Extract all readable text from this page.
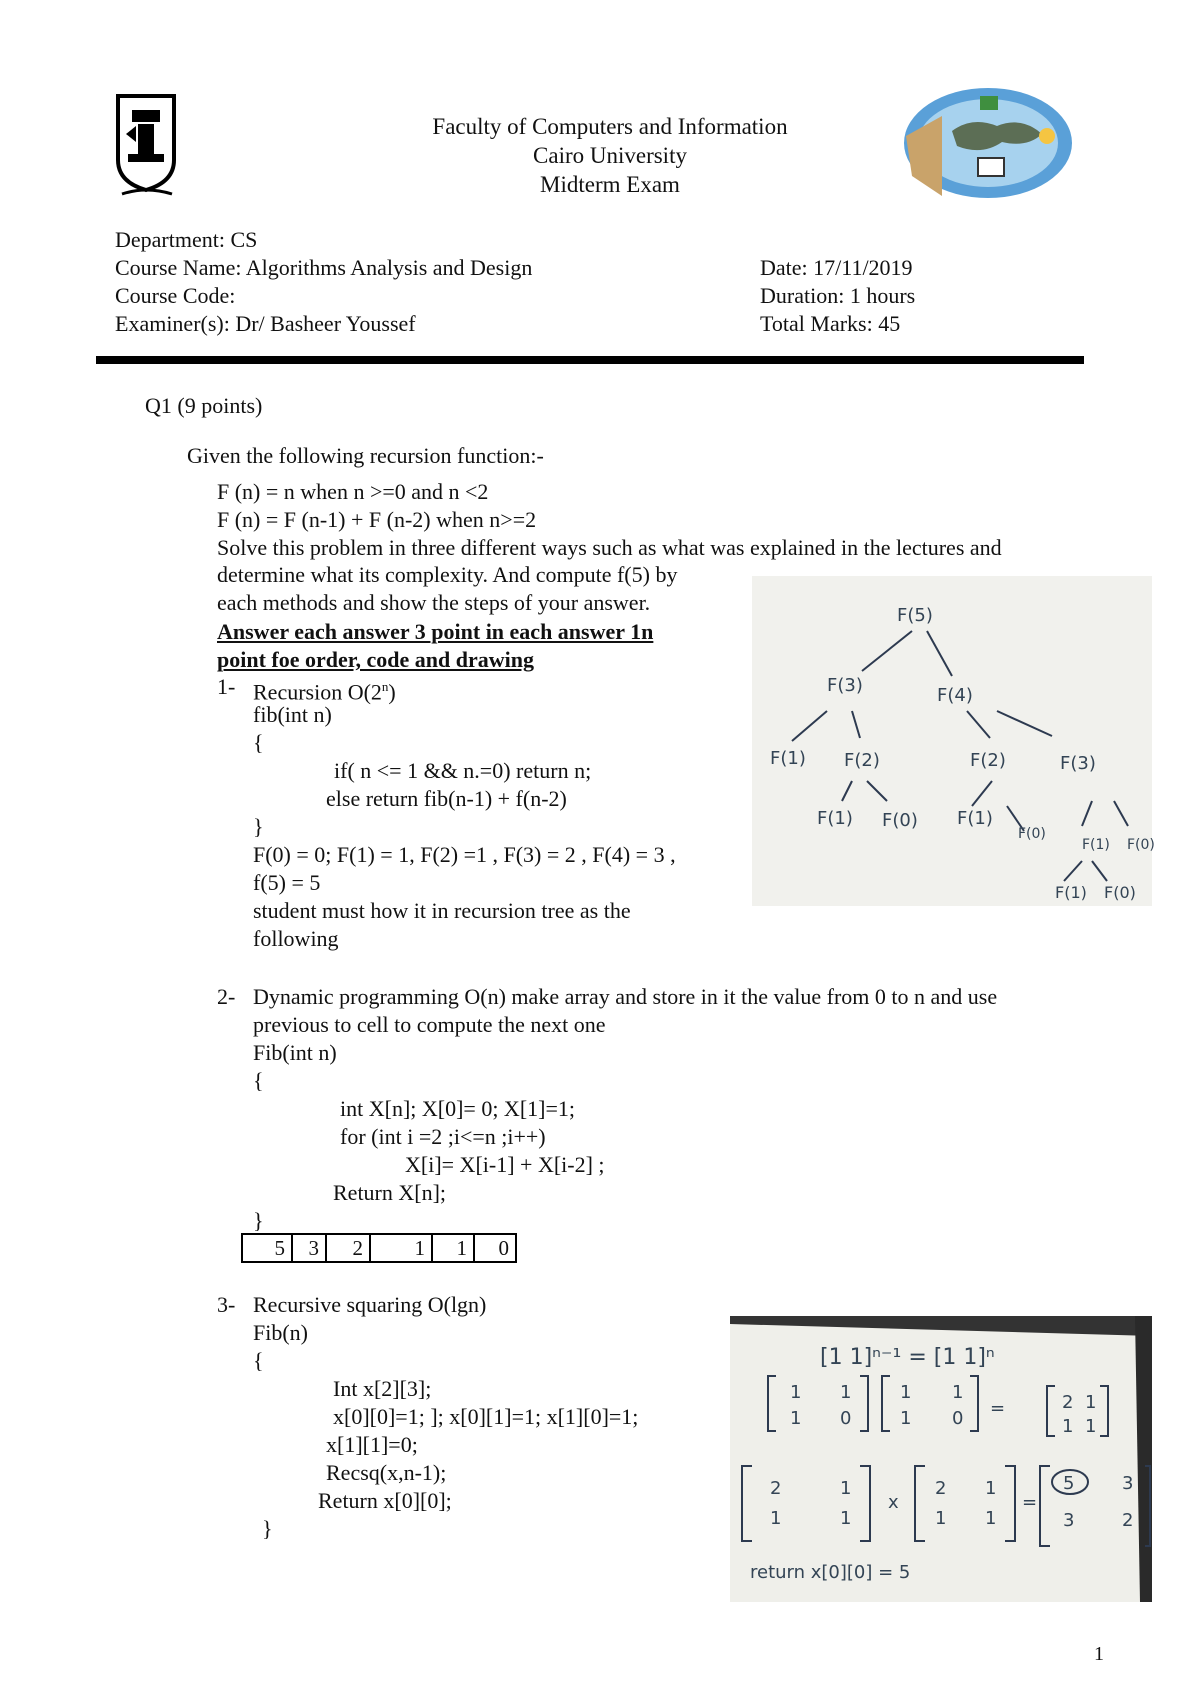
Faculty of Computers and Information
Cairo University
Midterm Exam
Department: CS
Course Name: Algorithms Analysis and Design
Course Code:
Examiner(s): Dr/ Basheer Youssef
Date: 17/11/2019
Duration: 1 hours
Total Marks: 45
Q1 (9 points)
Given the following recursion function:-
F (n) = n when n >=0 and n <2
F (n) = F (n-1) + F (n-2) when n>=2
Solve this problem in three different ways such as what was explained in the lectures and
determine what its complexity. And compute f(5) by
each methods and show the steps of your answer.
Answer each answer 3 point in each answer 1n
point foe order, code and drawing
1- Recursion O(2$^n$)
fib(int n)
{
if( n <= 1 && n.=0) return n;
else return fib(n-1) + f(n-2)
}
F(0) = 0; F(1) = 1, F(2) =1 , F(3) = 2 , F(4) = 3 ,
f(5) = 5
student must how it in recursion tree as the
following
F(5)
F(3)	F(4)
F(1) F(2)	F(2)	F(3)
F(1) F(0) F(1)
F(0)
F(1) F(0)
F(1) F(0)
2- Dynamic programming O(n) make array and store in it the value from 0 to n and use
previous to cell to compute the next one
Fib(int n)
{
int X[n]; X[0]= 0; X[1]=1;
for (int i =2 ;i<=n ;i++)
X[i]= X[i-1] + X[i-2] ;
Return X[n];
}
5	3	2	1	1	0
3- Recursive squaring O(lgn)
Fib(n)
{
Int x[2][3];
x[0][0]=1; ]; x[0][1]=1; x[1][0]=1;
x[1][1]=0;
Recsq(x,n-1);
Return x[0][0];
}
[1 1]ⁿ⁻¹ = [1 1]ⁿ
1 1
1 0
1 1
1 0 =	2 1
1 1
2	1
1	1
x
2 1
1 1
=
5	3
3	2
return x[0][0] = 5
1
